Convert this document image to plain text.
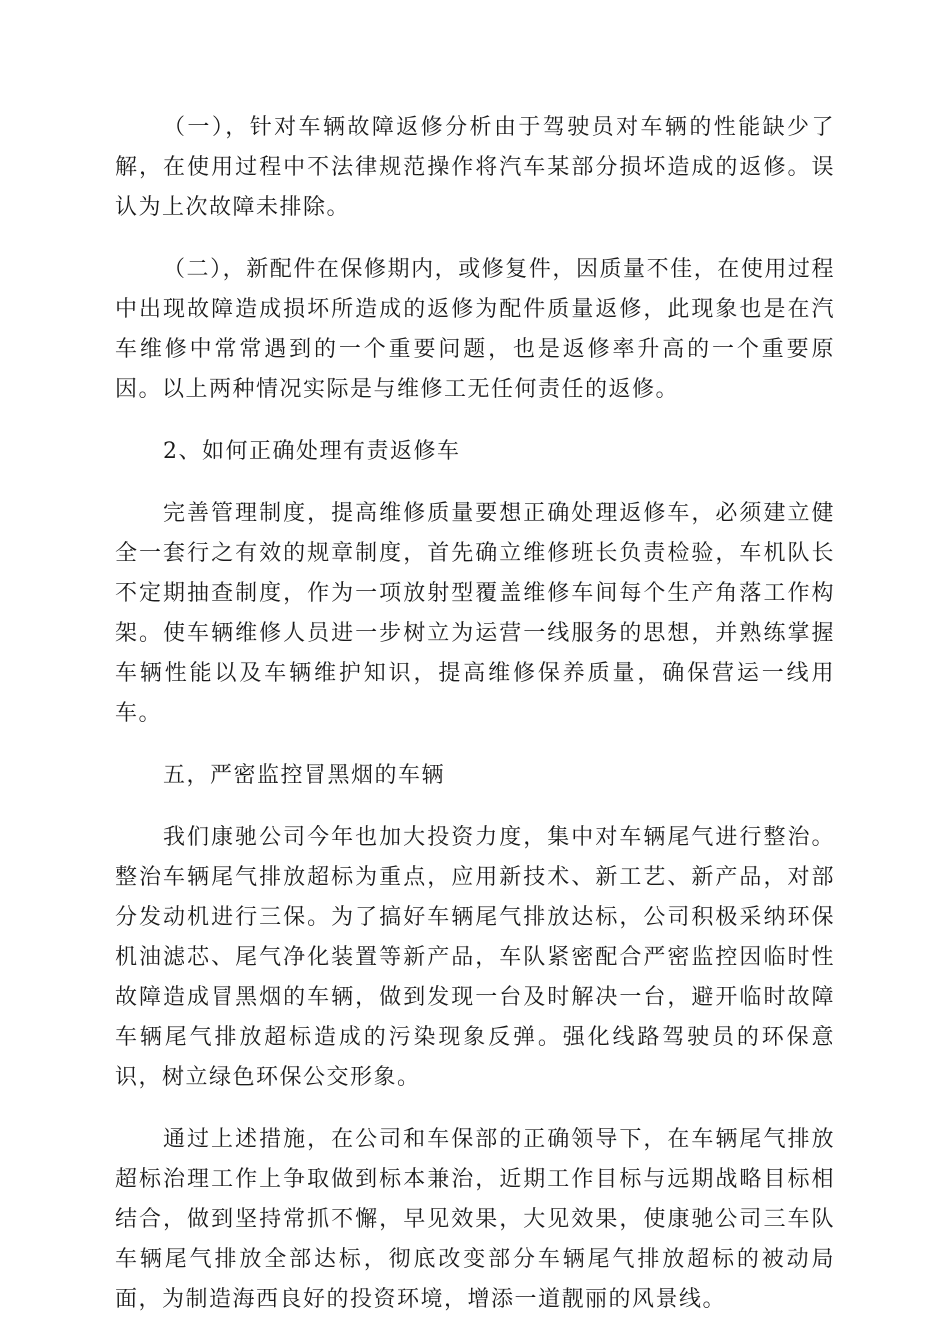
（一），针对车辆故障返修分析由于驾驶员对车辆的性能缺少了解，在使用过程中不法律规范操作将汽车某部分损坏造成的返修。误认为上次故障未排除。

（二），新配件在保修期内，或修复件，因质量不佳，在使用过程中出现故障造成损坏所造成的返修为配件质量返修，此现象也是在汽车维修中常常遇到的一个重要问题，也是返修率升高的一个重要原因。以上两种情况实际是与维修工无任何责任的返修。

2、如何正确处理有责返修车

完善管理制度，提高维修质量要想正确处理返修车，必须建立健全一套行之有效的规章制度，首先确立维修班长负责检验，车机队长不定期抽查制度，作为一项放射型覆盖维修车间每个生产角落工作构架。使车辆维修人员进一步树立为运营一线服务的思想，并熟练掌握车辆性能以及车辆维护知识，提高维修保养质量，确保营运一线用车。

五，严密监控冒黑烟的车辆

我们康驰公司今年也加大投资力度，集中对车辆尾气进行整治。整治车辆尾气排放超标为重点，应用新技术、新工艺、新产品，对部分发动机进行三保。为了搞好车辆尾气排放达标，公司积极采纳环保机油滤芯、尾气净化装置等新产品，车队紧密配合严密监控因临时性故障造成冒黑烟的车辆，做到发现一台及时解决一台，避开临时故障车辆尾气排放超标造成的污染现象反弹。强化线路驾驶员的环保意识，树立绿色环保公交形象。

通过上述措施，在公司和车保部的正确领导下，在车辆尾气排放超标治理工作上争取做到标本兼治，近期工作目标与远期战略目标相结合，做到坚持常抓不懈，早见效果，大见效果，使康驰公司三车队车辆尾气排放全部达标，彻底改变部分车辆尾气排放超标的被动局面，为制造海西良好的投资环境，增添一道靓丽的风景线。
